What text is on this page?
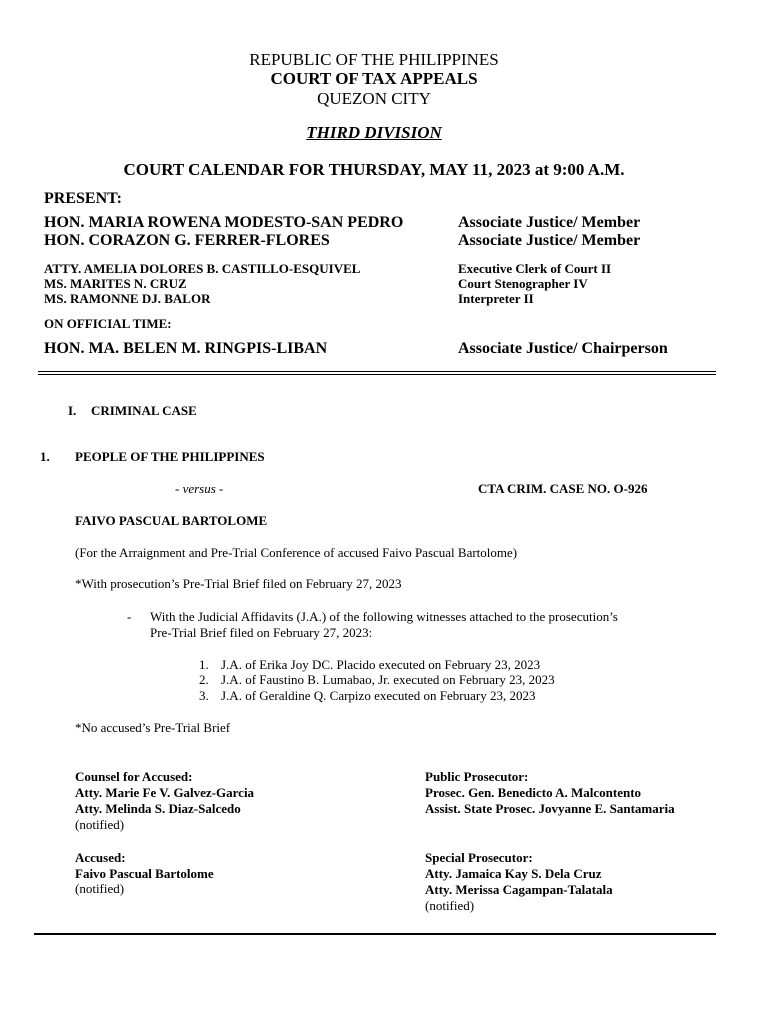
REPUBLIC OF THE PHILIPPINES
COURT OF TAX APPEALS
QUEZON CITY
THIRD DIVISION
COURT CALENDAR FOR THURSDAY, MAY 11, 2023 at 9:00 A.M.
PRESENT:
HON. MARIA ROWENA MODESTO-SAN PEDRO	Associate Justice/ Member
HON. CORAZON G. FERRER-FLORES	Associate Justice/ Member
ATTY. AMELIA DOLORES B. CASTILLO-ESQUIVEL	Executive Clerk of Court II
MS. MARITES N. CRUZ	Court Stenographer IV
MS. RAMONNE DJ. BALOR	Interpreter II
ON OFFICIAL TIME:
HON. MA. BELEN M. RINGPIS-LIBAN	Associate Justice/ Chairperson
I. CRIMINAL CASE
1. PEOPLE OF THE PHILIPPINES
- versus -	CTA CRIM. CASE NO. O-926
FAIVO PASCUAL BARTOLOME
(For the Arraignment and Pre-Trial Conference of accused Faivo Pascual Bartolome)
*With prosecution’s Pre-Trial Brief filed on February 27, 2023
- With the Judicial Affidavits (J.A.) of the following witnesses attached to the prosecution’s
Pre-Trial Brief filed on February 27, 2023:
1. J.A. of Erika Joy DC. Placido executed on February 23, 2023
2. J.A. of Faustino B. Lumabao, Jr. executed on February 23, 2023
3. J.A. of Geraldine Q. Carpizo executed on February 23, 2023
*No accused’s Pre-Trial Brief
Counsel for Accused:
Atty. Marie Fe V. Galvez-Garcia
Atty. Melinda S. Diaz-Salcedo
(notified)
Public Prosecutor:
Prosec. Gen. Benedicto A. Malcontento
Assist. State Prosec. Jovyanne E. Santamaria
Accused:
Faivo Pascual Bartolome
(notified)
Special Prosecutor:
Atty. Jamaica Kay S. Dela Cruz
Atty. Merissa Cagampan-Talatala
(notified)
